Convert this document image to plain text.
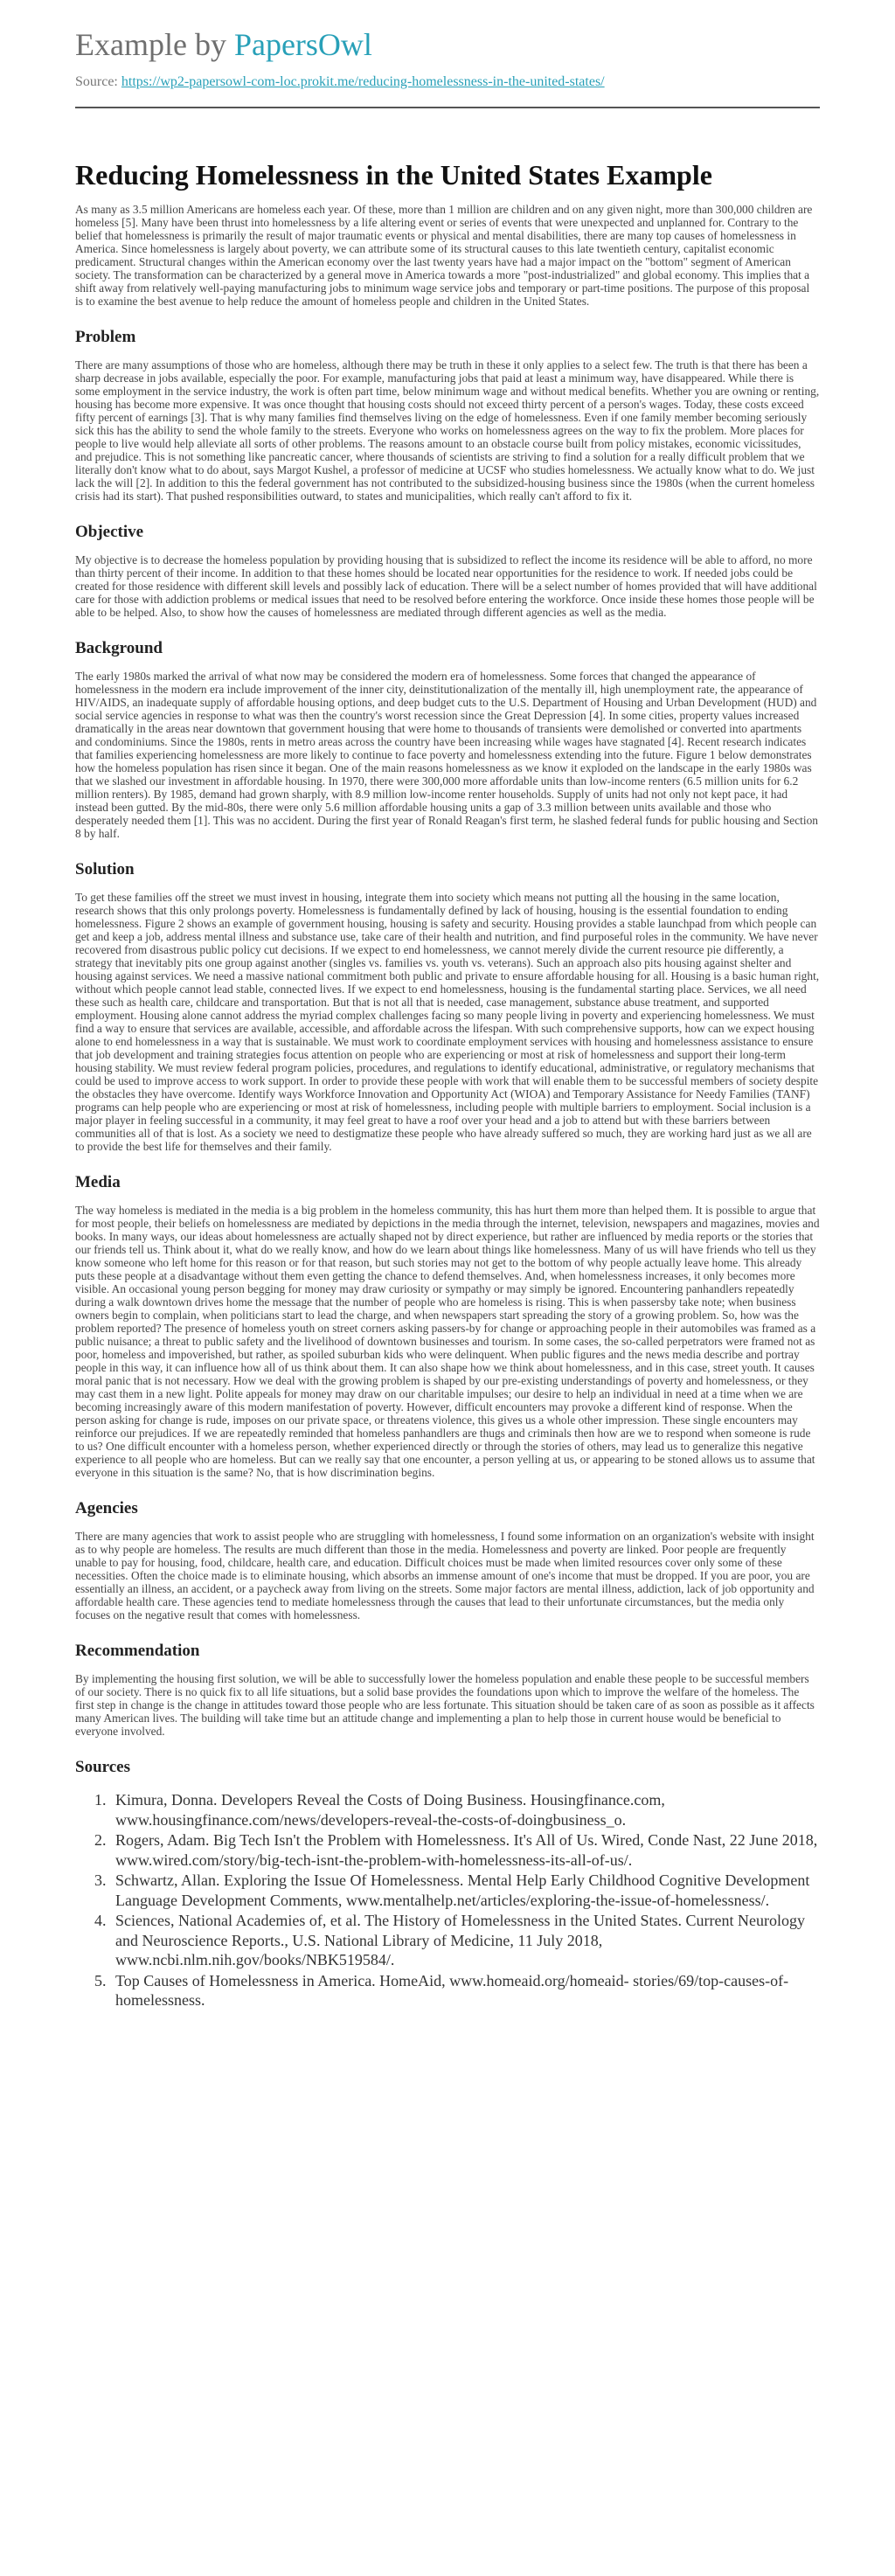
Example by PapersOwl
Source: https://wp2-papersowl-com-loc.prokit.me/reducing-homelessness-in-the-united-states/
Reducing Homelessness in the United States Example

As many as 3.5 million Americans are homeless each year. Of these, more than 1 million are children and on any given night, more than 300,000 children are homeless [5]. Many have been thrust into homelessness by a life altering event or series of events that were unexpected and unplanned for. Contrary to the belief that homelessness is primarily the result of major traumatic events or physical and mental disabilities, there are many top causes of homelessness in America. Since homelessness is largely about poverty, we can attribute some of its structural causes to this late twentieth century, capitalist economic predicament. Structural changes within the American economy over the last twenty years have had a major impact on the "bottom" segment of American society. The transformation can be characterized by a general move in America towards a more "post-industrialized" and global economy. This implies that a shift away from relatively well-paying manufacturing jobs to minimum wage service jobs and temporary or part-time positions. The purpose of this proposal is to examine the best avenue to help reduce the amount of homeless people and children in the United States.

Problem

There are many assumptions of those who are homeless, although there may be truth in these it only applies to a select few. The truth is that there has been a sharp decrease in jobs available, especially the poor. For example, manufacturing jobs that paid at least a minimum way, have disappeared. While there is some employment in the service industry, the work is often part time, below minimum wage and without medical benefits. Whether you are owning or renting, housing has become more expensive. It was once thought that housing costs should not exceed thirty percent of a person's wages. Today, these costs exceed fifty percent of earnings [3]. That is why many families find themselves living on the edge of homelessness. Even if one family member becoming seriously sick this has the ability to send the whole family to the streets. Everyone who works on homelessness agrees on the way to fix the problem. More places for people to live would help alleviate all sorts of other problems. The reasons amount to an obstacle course built from policy mistakes, economic vicissitudes, and prejudice. This is not something like pancreatic cancer, where thousands of scientists are striving to find a solution for a really difficult problem that we literally don't know what to do about, says Margot Kushel, a professor of medicine at UCSF who studies homelessness. We actually know what to do. We just lack the will [2]. In addition to this the federal government has not contributed to the subsidized-housing business since the 1980s (when the current homeless crisis had its start). That pushed responsibilities outward, to states and municipalities, which really can't afford to fix it.

Objective

My objective is to decrease the homeless population by providing housing that is subsidized to reflect the income its residence will be able to afford, no more than thirty percent of their income. In addition to that these homes should be located near opportunities for the residence to work. If needed jobs could be created for those residence with different skill levels and possibly lack of education. There will be a select number of homes provided that will have additional care for those with addiction problems or medical issues that need to be resolved before entering the workforce. Once inside these homes those people will be able to be helped. Also, to show how the causes of homelessness are mediated through different agencies as well as the media.

Background

The early 1980s marked the arrival of what now may be considered the modern era of homelessness. Some forces that changed the appearance of homelessness in the modern era include improvement of the inner city, deinstitutionalization of the mentally ill, high unemployment rate, the appearance of HIV/AIDS, an inadequate supply of affordable housing options, and deep budget cuts to the U.S. Department of Housing and Urban Development (HUD) and social service agencies in response to what was then the country's worst recession since the Great Depression [4]. In some cities, property values increased dramatically in the areas near downtown that government housing that were home to thousands of transients were demolished or converted into apartments and condominiums. Since the 1980s, rents in metro areas across the country have been increasing while wages have stagnated [4]. Recent research indicates that families experiencing homelessness are more likely to continue to face poverty and homelessness extending into the future. Figure 1 below demonstrates how the homeless population has risen since it began. One of the main reasons homelessness as we know it exploded on the landscape in the early 1980s was that we slashed our investment in affordable housing. In 1970, there were 300,000 more affordable units than low-income renters (6.5 million units for 6.2 million renters). By 1985, demand had grown sharply, with 8.9 million low-income renter households. Supply of units had not only not kept pace, it had instead been gutted. By the mid-80s, there were only 5.6 million affordable housing units a gap of 3.3 million between units available and those who desperately needed them [1]. This was no accident. During the first year of Ronald Reagan's first term, he slashed federal funds for public housing and Section 8 by half.

Solution

To get these families off the street we must invest in housing, integrate them into society which means not putting all the housing in the same location, research shows that this only prolongs poverty. Homelessness is fundamentally defined by lack of housing, housing is the essential foundation to ending homelessness. Figure 2 shows an example of government housing, housing is safety and security. Housing provides a stable launchpad from which people can get and keep a job, address mental illness and substance use, take care of their health and nutrition, and find purposeful roles in the community. We have never recovered from disastrous public policy cut decisions. If we expect to end homelessness, we cannot merely divide the current resource pie differently, a strategy that inevitably pits one group against another (singles vs. families vs. youth vs. veterans). Such an approach also pits housing against shelter and housing against services. We need a massive national commitment both public and private to ensure affordable housing for all. Housing is a basic human right, without which people cannot lead stable, connected lives. If we expect to end homelessness, housing is the fundamental starting place. Services, we all need these such as health care, childcare and transportation. But that is not all that is needed, case management, substance abuse treatment, and supported employment. Housing alone cannot address the myriad complex challenges facing so many people living in poverty and experiencing homelessness. We must find a way to ensure that services are available, accessible, and affordable across the lifespan. With such comprehensive supports, how can we expect housing alone to end homelessness in a way that is sustainable. We must work to coordinate employment services with housing and homelessness assistance to ensure that job development and training strategies focus attention on people who are experiencing or most at risk of homelessness and support their long-term housing stability. We must review federal program policies, procedures, and regulations to identify educational, administrative, or regulatory mechanisms that could be used to improve access to work support. In order to provide these people with work that will enable them to be successful members of society despite the obstacles they have overcome. Identify ways Workforce Innovation and Opportunity Act (WIOA) and Temporary Assistance for Needy Families (TANF) programs can help people who are experiencing or most at risk of homelessness, including people with multiple barriers to employment. Social inclusion is a major player in feeling successful in a community, it may feel great to have a roof over your head and a job to attend but with these barriers between communities all of that is lost. As a society we need to destigmatize these people who have already suffered so much, they are working hard just as we all are to provide the best life for themselves and their family.

Media

The way homeless is mediated in the media is a big problem in the homeless community, this has hurt them more than helped them. It is possible to argue that for most people, their beliefs on homelessness are mediated by depictions in the media through the internet, television, newspapers and magazines, movies and books. In many ways, our ideas about homelessness are actually shaped not by direct experience, but rather are influenced by media reports or the stories that our friends tell us. Think about it, what do we really know, and how do we learn about things like homelessness. Many of us will have friends who tell us they know someone who left home for this reason or for that reason, but such stories may not get to the bottom of why people actually leave home. This already puts these people at a disadvantage without them even getting the chance to defend themselves. And, when homelessness increases, it only becomes more visible. An occasional young person begging for money may draw curiosity or sympathy or may simply be ignored. Encountering panhandlers repeatedly during a walk downtown drives home the message that the number of people who are homeless is rising. This is when passersby take note; when business owners begin to complain, when politicians start to lead the charge, and when newspapers start spreading the story of a growing problem. So, how was the problem reported? The presence of homeless youth on street corners asking passers-by for change or approaching people in their automobiles was framed as a public nuisance; a threat to public safety and the livelihood of downtown businesses and tourism. In some cases, the so-called perpetrators were framed not as poor, homeless and impoverished, but rather, as spoiled suburban kids who were delinquent. When public figures and the news media describe and portray people in this way, it can influence how all of us think about them. It can also shape how we think about homelessness, and in this case, street youth. It causes moral panic that is not necessary. How we deal with the growing problem is shaped by our pre-existing understandings of poverty and homelessness, or they may cast them in a new light. Polite appeals for money may draw on our charitable impulses; our desire to help an individual in need at a time when we are becoming increasingly aware of this modern manifestation of poverty. However, difficult encounters may provoke a different kind of response. When the person asking for change is rude, imposes on our private space, or threatens violence, this gives us a whole other impression. These single encounters may reinforce our prejudices. If we are repeatedly reminded that homeless panhandlers are thugs and criminals then how are we to respond when someone is rude to us? One difficult encounter with a homeless person, whether experienced directly or through the stories of others, may lead us to generalize this negative experience to all people who are homeless. But can we really say that one encounter, a person yelling at us, or appearing to be stoned allows us to assume that everyone in this situation is the same? No, that is how discrimination begins.

Agencies

There are many agencies that work to assist people who are struggling with homelessness, I found some information on an organization's website with insight as to why people are homeless. The results are much different than those in the media. Homelessness and poverty are linked. Poor people are frequently unable to pay for housing, food, childcare, health care, and education. Difficult choices must be made when limited resources cover only some of these necessities. Often the choice made is to eliminate housing, which absorbs an immense amount of one's income that must be dropped. If you are poor, you are essentially an illness, an accident, or a paycheck away from living on the streets. Some major factors are mental illness, addiction, lack of job opportunity and affordable health care. These agencies tend to mediate homelessness through the causes that lead to their unfortunate circumstances, but the media only focuses on the negative result that comes with homelessness.

Recommendation

By implementing the housing first solution, we will be able to successfully lower the homeless population and enable these people to be successful members of our society. There is no quick fix to all life situations, but a solid base provides the foundations upon which to improve the welfare of the homeless. The first step in change is the change in attitudes toward those people who are less fortunate. This situation should be taken care of as soon as possible as it affects many American lives. The building will take time but an attitude change and implementing a plan to help those in current house would be beneficial to everyone involved.

Sources
1. Kimura, Donna. Developers Reveal the Costs of Doing Business. Housingfinance.com, www.housingfinance.com/news/developers-reveal-the-costs-of-doingbusiness_o.
2. Rogers, Adam. Big Tech Isn't the Problem with Homelessness. It's All of Us. Wired, Conde Nast, 22 June 2018, www.wired.com/story/big-tech-isnt-the-problem-with-homelessness-its-all-of-us/.
3. Schwartz, Allan. Exploring the Issue Of Homelessness. Mental Help Early Childhood Cognitive Development Language Development Comments, www.mentalhelp.net/articles/exploring-the-issue-of-homelessness/.
4. Sciences, National Academies of, et al. The History of Homelessness in the United States. Current Neurology and Neuroscience Reports., U.S. National Library of Medicine, 11 July 2018, www.ncbi.nlm.nih.gov/books/NBK519584/.
5. Top Causes of Homelessness in America. HomeAid, www.homeaid.org/homeaid- stories/69/top-causes-of-homelessness.
